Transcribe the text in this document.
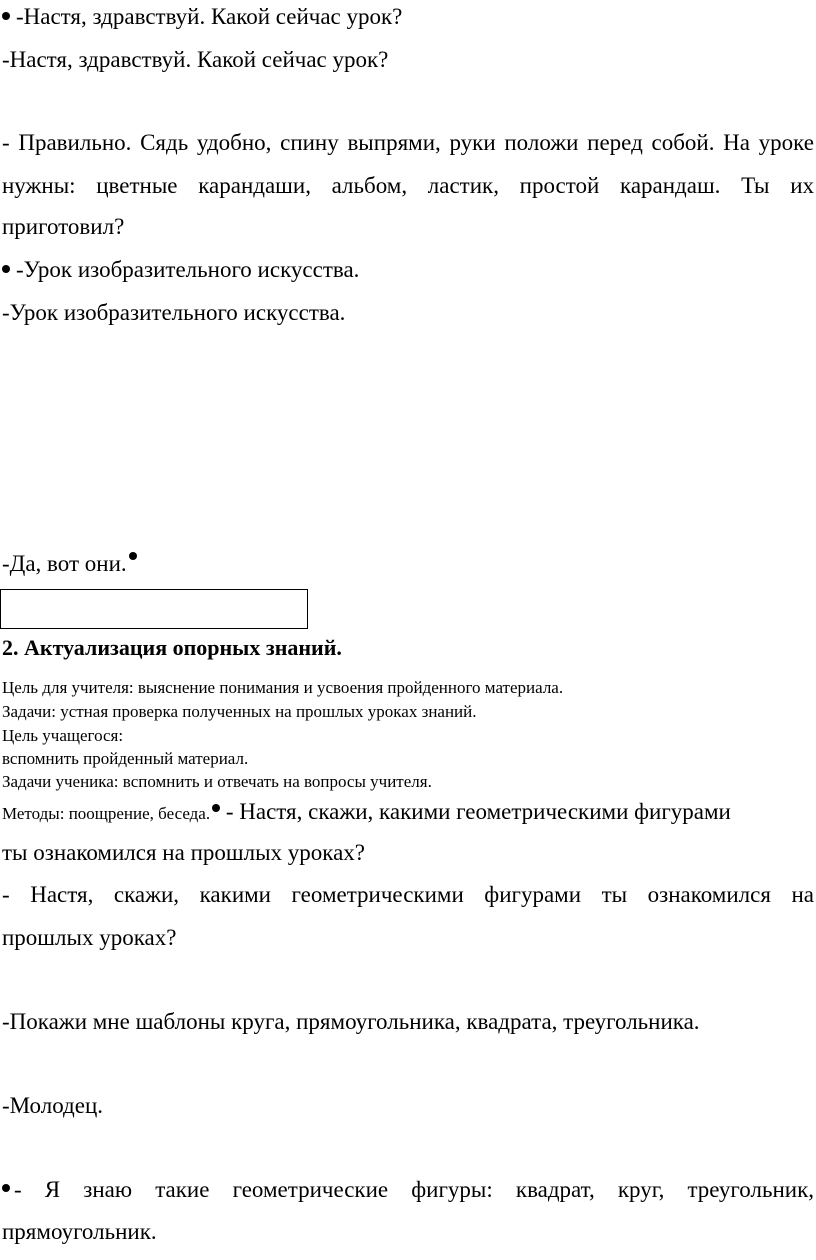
-Настя, здравствуй. Какой сейчас урок?
-Настя, здравствуй. Какой сейчас урок?
- Правильно. Сядь удобно, спину выпрями, руки положи перед собой. На уроке
нужны: цветные карандаши, альбом, ластик, простой карандаш. Ты их
приготовил?
-Урок изобразительного искусства.
-Урок изобразительного искусства.
-Да, вот они.
2. Актуализация опорных знаний.
Цель для учителя: выяснение понимания и усвоения пройденного материала.
Задачи: устная проверка полученных на прошлых уроках знаний.
Цель учащегося:
вспомнить пройденный материал.
Задачи ученика: вспомнить и отвечать на вопросы учителя.
Методы: поощрение, беседа. - Настя, скажи, какими геометрическими фигурами
ты ознакомился на прошлых уроках?
- Настя, скажи, какими геометрическими фигурами ты ознакомился на
прошлых уроках?
-Покажи мне шаблоны круга, прямоугольника, квадрата, треугольника.
-Молодец.
- Я знаю такие геометрические фигуры: квадрат, круг, треугольник,
прямоугольник.
